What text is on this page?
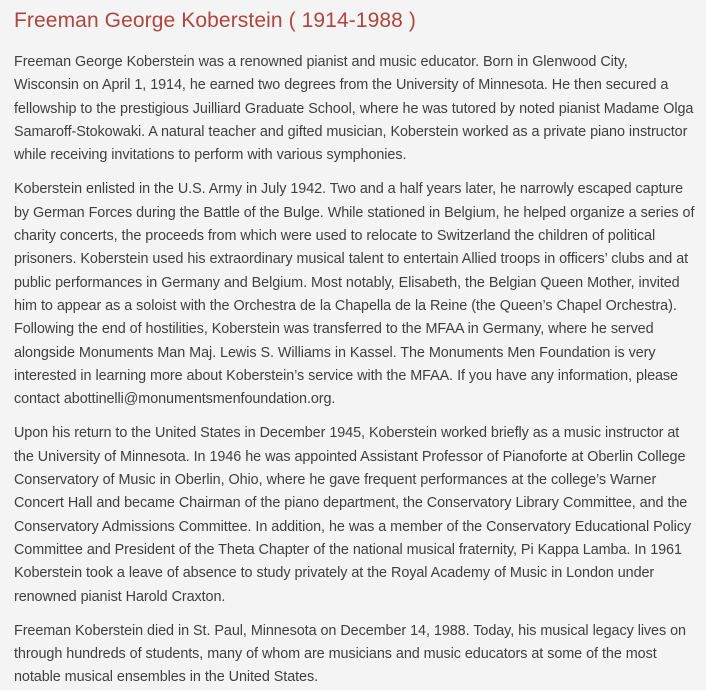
Freeman George Koberstein ( 1914-1988 )

Freeman George Koberstein was a renowned pianist and music educator. Born in Glenwood City, Wisconsin on April 1, 1914, he earned two degrees from the University of Minnesota. He then secured a fellowship to the prestigious Juilliard Graduate School, where he was tutored by noted pianist Madame Olga Samaroff-Stokowaki. A natural teacher and gifted musician, Koberstein worked as a private piano instructor while receiving invitations to perform with various symphonies.

Koberstein enlisted in the U.S. Army in July 1942. Two and a half years later, he narrowly escaped capture by German Forces during the Battle of the Bulge. While stationed in Belgium, he helped organize a series of charity concerts, the proceeds from which were used to relocate to Switzerland the children of political prisoners. Koberstein used his extraordinary musical talent to entertain Allied troops in officers’ clubs and at public performances in Germany and Belgium. Most notably, Elisabeth, the Belgian Queen Mother, invited him to appear as a soloist with the Orchestra de la Chapella de la Reine (the Queen’s Chapel Orchestra). Following the end of hostilities, Koberstein was transferred to the MFAA in Germany, where he served alongside Monuments Man Maj. Lewis S. Williams in Kassel. The Monuments Men Foundation is very interested in learning more about Koberstein’s service with the MFAA. If you have any information, please contact abottinelli@monumentsmenfoundation.org.

Upon his return to the United States in December 1945, Koberstein worked briefly as a music instructor at the University of Minnesota. In 1946 he was appointed Assistant Professor of Pianoforte at Oberlin College Conservatory of Music in Oberlin, Ohio, where he gave frequent performances at the college’s Warner Concert Hall and became Chairman of the piano department, the Conservatory Library Committee, and the Conservatory Admissions Committee. In addition, he was a member of the Conservatory Educational Policy Committee and President of the Theta Chapter of the national musical fraternity, Pi Kappa Lamba. In 1961 Koberstein took a leave of absence to study privately at the Royal Academy of Music in London under renowned pianist Harold Craxton.

Freeman Koberstein died in St. Paul, Minnesota on December 14, 1988. Today, his musical legacy lives on through hundreds of students, many of whom are musicians and music educators at some of the most notable musical ensembles in the United States.
